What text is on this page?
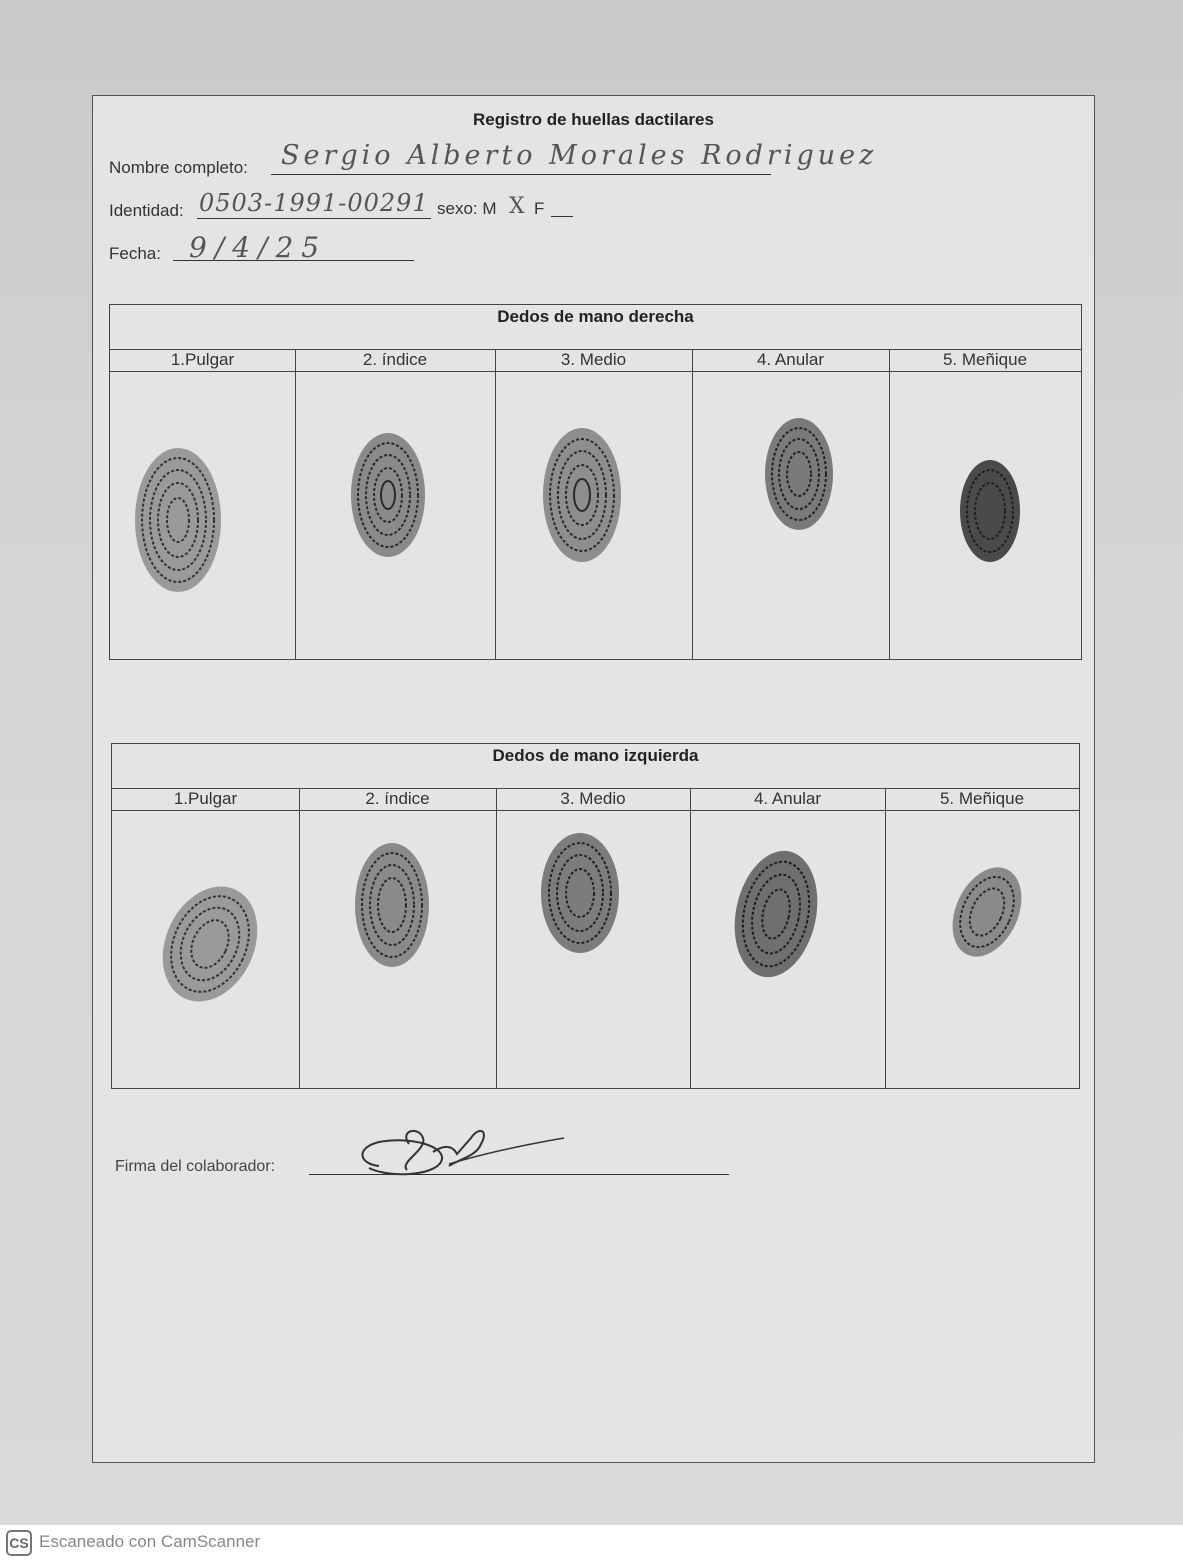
Registro de huellas dactilares
Nombre completo: Sergio Alberto Morales Rodriguez
Identidad: 0503-1991-00291 sexo: M X F
Fecha: 9/4/25
Dedos de mano derecha
1.Pulgar	2. índice	3. Medio	4. Anular	5. Meñique
Dedos de mano izquierda
1.Pulgar	2. índice	3. Medio	4. Anular	5. Meñique
Firma del colaborador:
CS Escaneado con CamScanner
